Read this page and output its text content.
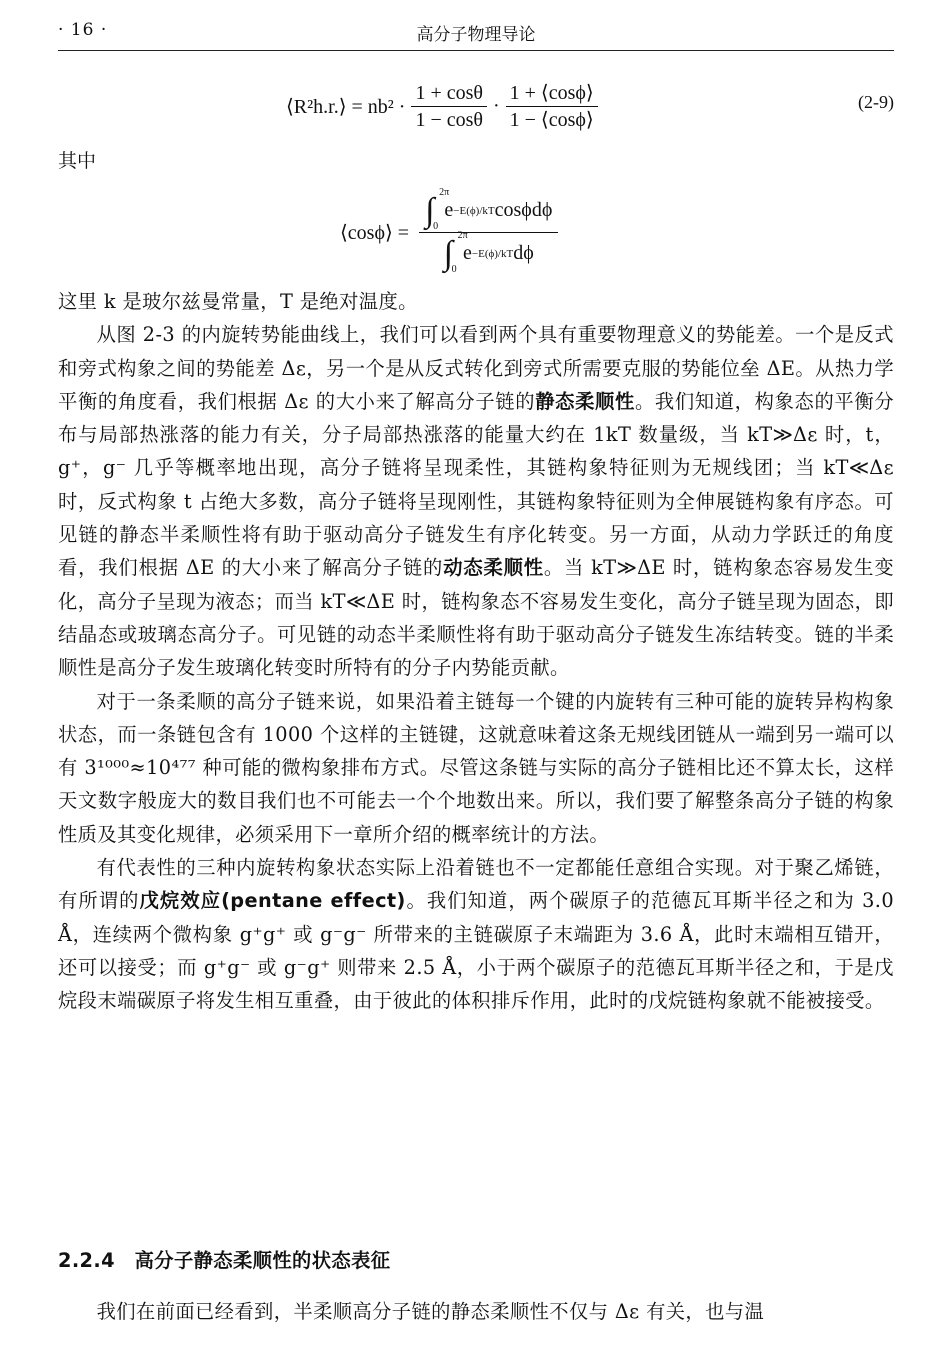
· 16 ·	高分子物理导论
⟨R²h.r.⟩ = $nb^2 \cdot \frac{1 + \cos\theta}{1 - \cos\theta} \cdot \frac{1 + ⟨\cos\phi⟩}{1 - ⟨\cos\phi⟩}$	(2-9)
其中
⟨cosϕ⟩ = ∫ 2π
0
e −E(ϕ)/kT cosϕdϕ
∫ 2π
0
e −E(ϕ)/kT dϕ

这里 k 是玻尔兹曼常量，T 是绝对温度。

从图 2-3 的内旋转势能曲线上，我们可以看到两个具有重要物理意义的势能差。一个是反式和旁式构象之间的势能差 Δε，另一个是从反式转化到旁式所需要克服的势能位垒 ΔE。从热力学平衡的角度看，我们根据 Δε 的大小来了解高分子链的静态柔顺性。我们知道，构象态的平衡分布与局部热涨落的能力有关，分子局部热涨落的能量大约在 1kT 数量级，当 kT≫Δε 时，t，g⁺，g⁻ 几乎等概率地出现，高分子链将呈现柔性，其链构象特征则为无规线团；当 kT≪Δε 时，反式构象 t 占绝大多数，高分子链将呈现刚性，其链构象特征则为全伸展链构象有序态。可见链的静态半柔顺性将有助于驱动高分子链发生有序化转变。另一方面，从动力学跃迁的角度看，我们根据 ΔE 的大小来了解高分子链的动态柔顺性。当 kT≫ΔE 时，链构象态容易发生变化，高分子呈现为液态；而当 kT≪ΔE 时，链构象态不容易发生变化，高分子链呈现为固态，即结晶态或玻璃态高分子。可见链的动态半柔顺性将有助于驱动高分子链发生冻结转变。链的半柔顺性是高分子发生玻璃化转变时所特有的分子内势能贡献。

对于一条柔顺的高分子链来说，如果沿着主链每一个键的内旋转有三种可能的旋转异构构象状态，而一条链包含有 1000 个这样的主链键，这就意味着这条无规线团链从一端到另一端可以有 3¹⁰⁰⁰≈10⁴⁷⁷ 种可能的微构象排布方式。尽管这条链与实际的高分子链相比还不算太长，这样天文数字般庞大的数目我们也不可能去一个个地数出来。所以，我们要了解整条高分子链的构象性质及其变化规律，必须采用下一章所介绍的概率统计的方法。

有代表性的三种内旋转构象状态实际上沿着链也不一定都能任意组合实现。对于聚乙烯链，有所谓的戊烷效应(pentane effect)。我们知道，两个碳原子的范德瓦耳斯半径之和为 3.0 Å，连续两个微构象 g⁺g⁺ 或 g⁻g⁻ 所带来的主链碳原子末端距为 3.6 Å，此时末端相互错开，还可以接受；而 g⁺g⁻ 或 g⁻g⁺ 则带来 2.5 Å，小于两个碳原子的范德瓦耳斯半径之和，于是戊烷段末端碳原子将发生相互重叠，由于彼此的体积排斥作用，此时的戊烷链构象就不能被接受。

2.2.4　高分子静态柔顺性的状态表征

我们在前面已经看到，半柔顺高分子链的静态柔顺性不仅与 Δε 有关，也与温
